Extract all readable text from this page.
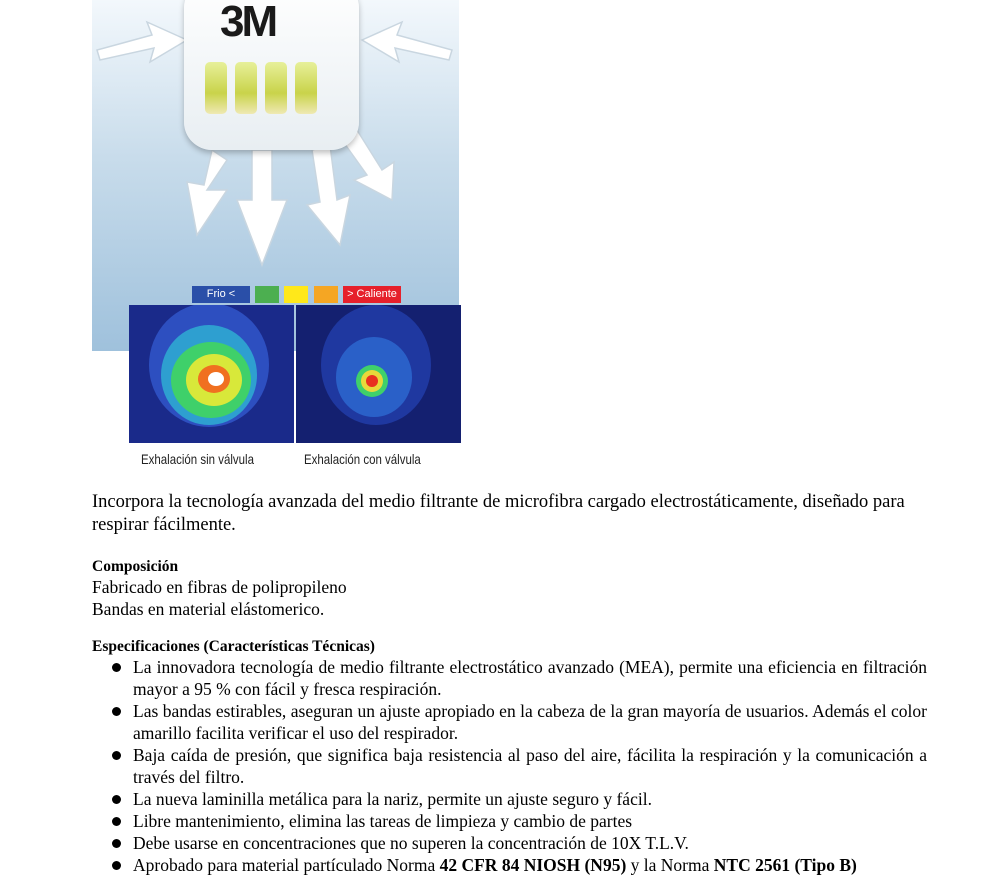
3M
Frio <	> Caliente
Exhalación sin válvula	Exhalación con válvula
Incorpora la tecnología avanzada del medio filtrante de microfibra cargado electrostáticamente, diseñado para respirar fácilmente.
Composición
Fabricado en fibras de polipropileno
Bandas en material elástomerico.
Especificaciones (Características Técnicas)
La innovadora tecnología de medio filtrante electrostático avanzado (MEA), permite una eficiencia en filtración mayor a 95 % con fácil y fresca respiración.
Las bandas estirables, aseguran un ajuste apropiado en la cabeza de la gran mayoría de usuarios. Además el color amarillo facilita verificar el uso del respirador.
Baja caída de presión, que significa baja resistencia al paso del aire, fácilita la respiración y la comunicación a través del filtro.
La nueva laminilla metálica para la nariz, permite un ajuste seguro y fácil.
Libre mantenimiento, elimina las tareas de limpieza y cambio de partes
Debe usarse en concentraciones que no superen la concentración de 10X T.L.V.
Aprobado para material partículado Norma 42 CFR 84 NIOSH (N95) y la Norma NTC 2561 (Tipo B)
